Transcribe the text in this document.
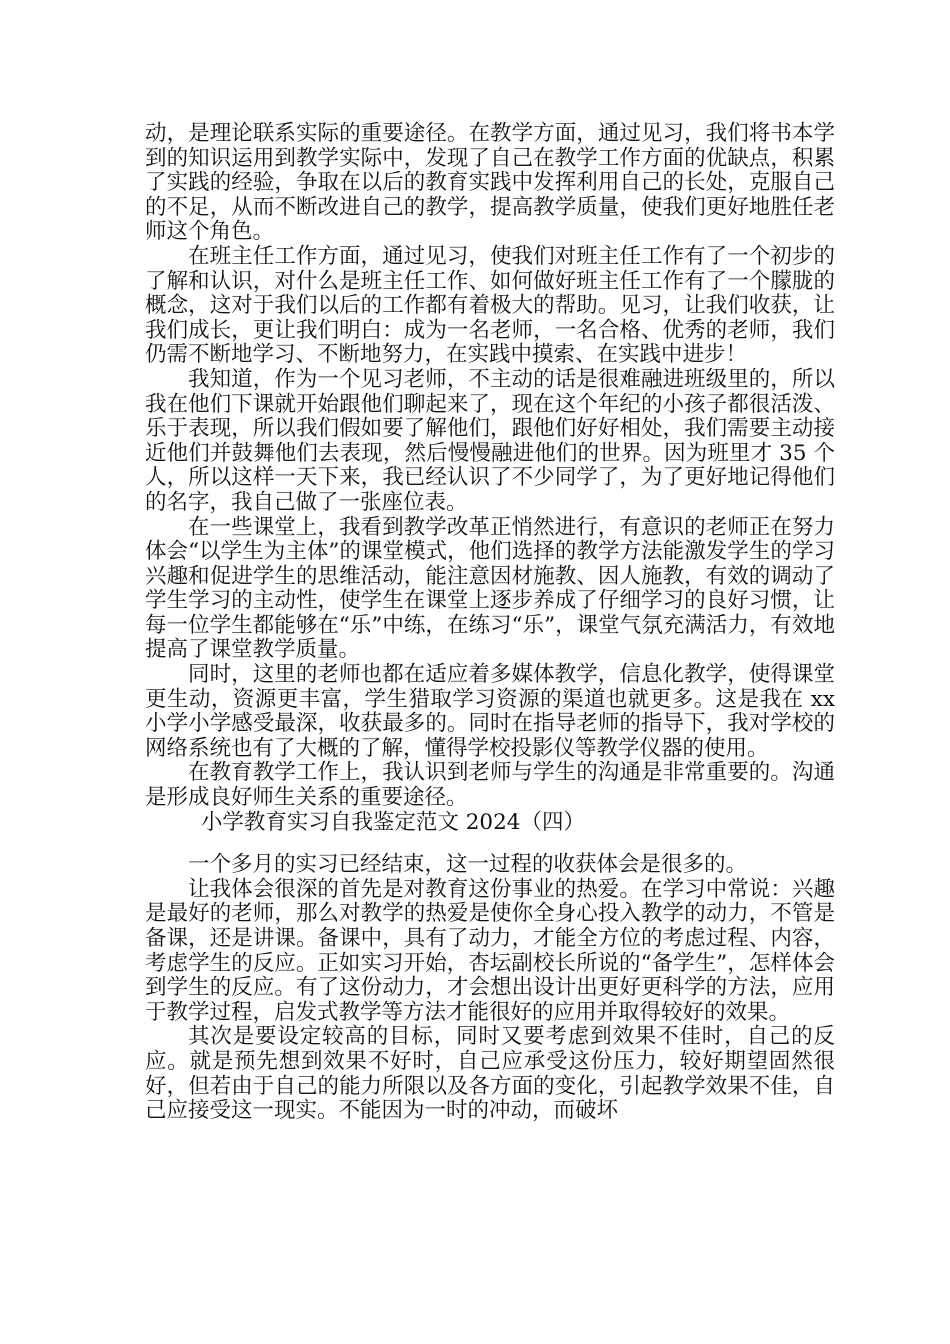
动，是理论联系实际的重要途径。在教学方面，通过见习，我们将书本学到的知识运用到教学实际中，发现了自己在教学工作方面的优缺点，积累了实践的经验，争取在以后的教育实践中发挥利用自己的长处，克服自己的不足，从而不断改进自己的教学，提高教学质量，使我们更好地胜任老师这个角色。

在班主任工作方面，通过见习，使我们对班主任工作有了一个初步的了解和认识，对什么是班主任工作、如何做好班主任工作有了一个朦胧的概念，这对于我们以后的工作都有着极大的帮助。见习，让我们收获，让我们成长，更让我们明白：成为一名老师，一名合格、优秀的老师，我们仍需不断地学习、不断地努力，在实践中摸索、在实践中进步！

我知道，作为一个见习老师，不主动的话是很难融进班级里的，所以我在他们下课就开始跟他们聊起来了，现在这个年纪的小孩子都很活泼、乐于表现，所以我们假如要了解他们，跟他们好好相处，我们需要主动接近他们并鼓舞他们去表现，然后慢慢融进他们的世界。因为班里才 35 个人，所以这样一天下来，我已经认识了不少同学了，为了更好地记得他们的名字，我自己做了一张座位表。

在一些课堂上，我看到教学改革正悄然进行，有意识的老师正在努力体会“以学生为主体”的课堂模式，他们选择的教学方法能激发学生的学习兴趣和促进学生的思维活动，能注意因材施教、因人施教，有效的调动了学生学习的主动性，使学生在课堂上逐步养成了仔细学习的良好习惯，让每一位学生都能够在“乐”中练，在练习“乐”，课堂气氛充满活力，有效地提高了课堂教学质量。

同时，这里的老师也都在适应着多媒体教学，信息化教学，使得课堂更生动，资源更丰富，学生猎取学习资源的渠道也就更多。这是我在 xx 小学小学感受最深，收获最多的。同时在指导老师的指导下，我对学校的网络系统也有了大概的了解，懂得学校投影仪等教学仪器的使用。

在教育教学工作上，我认识到老师与学生的沟通是非常重要的。沟通是形成良好师生关系的重要途径。

小学教育实习自我鉴定范文 2024（四）

一个多月的实习已经结束，这一过程的收获体会是很多的。

让我体会很深的首先是对教育这份事业的热爱。在学习中常说：兴趣是最好的老师，那么对教学的热爱是使你全身心投入教学的动力，不管是备课，还是讲课。备课中，具有了动力，才能全方位的考虑过程、内容，考虑学生的反应。正如实习开始，杏坛副校长所说的“备学生”，怎样体会到学生的反应。有了这份动力，才会想出设计出更好更科学的方法，应用于教学过程，启发式教学等方法才能很好的应用并取得较好的效果。

其次是要设定较高的目标，同时又要考虑到效果不佳时，自己的反应。就是预先想到效果不好时，自己应承受这份压力，较好期望固然很好，但若由于自己的能力所限以及各方面的变化，引起教学效果不佳，自己应接受这一现实。不能因为一时的冲动，而破坏
